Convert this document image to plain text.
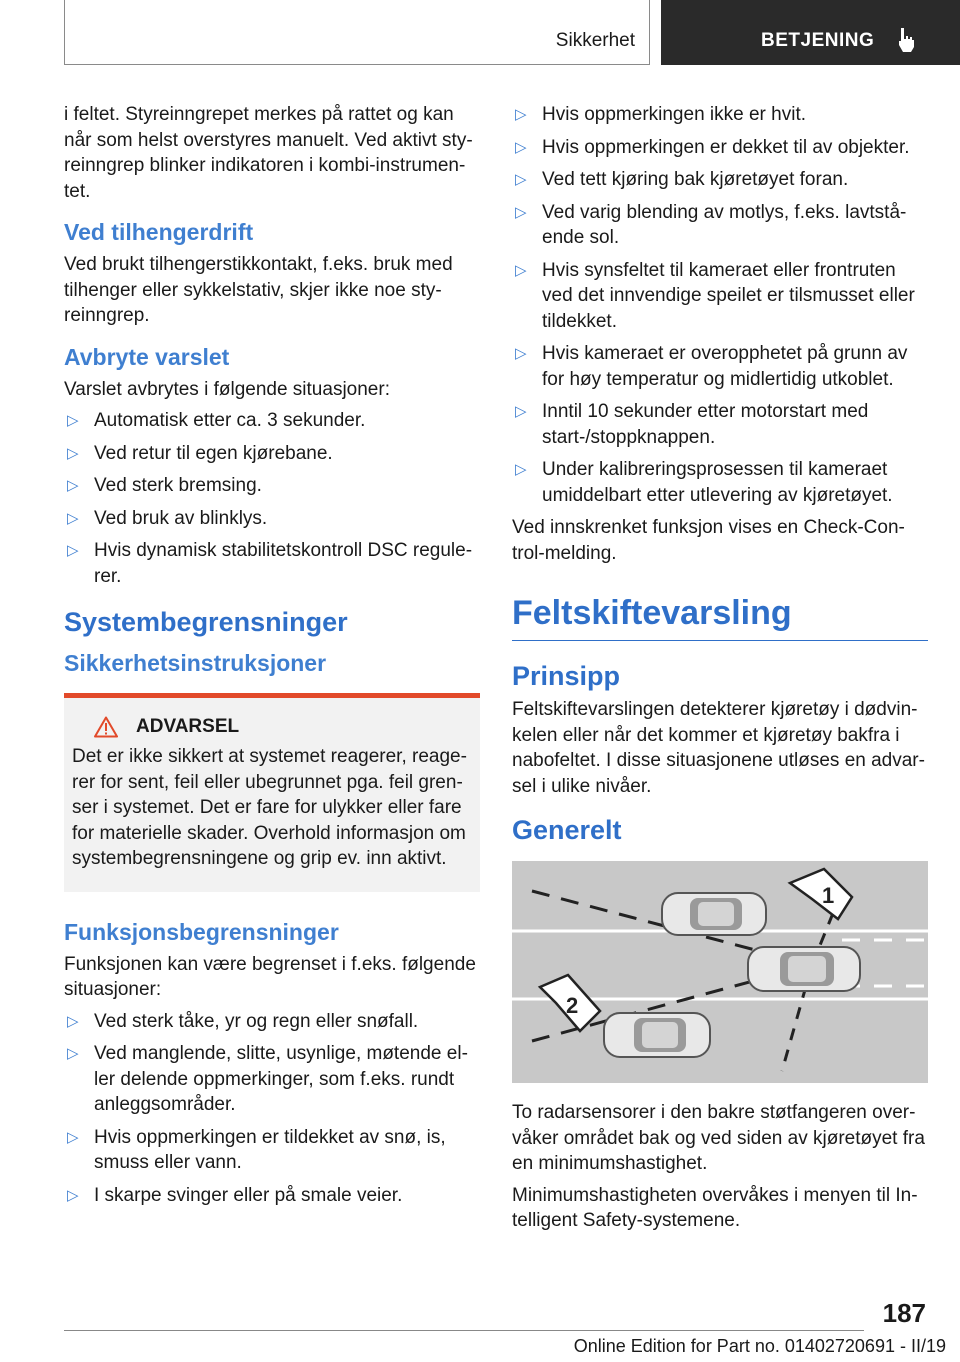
Sikkerhet	BETJENING

i feltet. Styreinngrepet merkes på rattet og kan når som helst overstyres manuelt. Ved aktivt styreinngrep blinker indikatoren i kombi-instrumentet.

Ved tilhengerdrift

Ved brukt tilhengerstikkontakt, f.eks. bruk med tilhenger eller sykkelstativ, skjer ikke noe styreinngrep.

Avbryte varslet

Varslet avbrytes i følgende situasjoner:

▷ Automatisk etter ca. 3 sekunder.
▷ Ved retur til egen kjørebane.
▷ Ved sterk bremsing.
▷ Ved bruk av blinklys.
▷ Hvis dynamisk stabilitetskontroll DSC regulerer.
Systembegrensninger
Sikkerhetsinstruksjoner
ADVARSEL

Det er ikke sikkert at systemet reagerer, reagerer for sent, feil eller ubegrunnet pga. feil grenser i systemet. Det er fare for ulykker eller fare for materielle skader. Overhold informasjon om systembegrensningene og grip ev. inn aktivt.

Funksjonsbegrensninger

Funksjonen kan være begrenset i f.eks. følgende situasjoner:

▷ Ved sterk tåke, yr og regn eller snøfall.
▷ Ved manglende, slitte, usynlige, møtende eller delende oppmerkinger, som f.eks. rundt anleggsområder.
▷ Hvis oppmerkingen er tildekket av snø, is, smuss eller vann.
▷ I skarpe svinger eller på smale veier.
▷ Hvis oppmerkingen ikke er hvit.
▷ Hvis oppmerkingen er dekket til av objekter.
▷ Ved tett kjøring bak kjøretøyet foran.
▷ Ved varig blending av motlys, f.eks. lavtstående sol.
▷ Hvis synsfeltet til kameraet eller frontruten ved det innvendige speilet er tilsmusset eller tildekket.
▷ Hvis kameraet er overopphetet på grunn av for høy temperatur og midlertidig utkoblet.
▷ Inntil 10 sekunder etter motorstart med start-/stoppknappen.
▷ Under kalibreringsprosessen til kameraet umiddelbart etter utlevering av kjøretøyet.

Ved innskrenket funksjon vises en Check-Control-melding.

Feltskiftevarsling
Prinsipp

Feltskiftevarslingen detekterer kjøretøy i dødvinkelen eller når det kommer et kjøretøy bakfra i nabofeltet. I disse situasjonene utløses en advarsel i ulike nivåer.

Generelt
1
2

To radarsensorer i den bakre støtfangeren overvåker området bak og ved siden av kjøretøyet fra en minimumshastighet.

Minimumshastigheten overvåkes i menyen til Intelligent Safety-systemene.

187
Online Edition for Part no. 01402720691 - II/19
